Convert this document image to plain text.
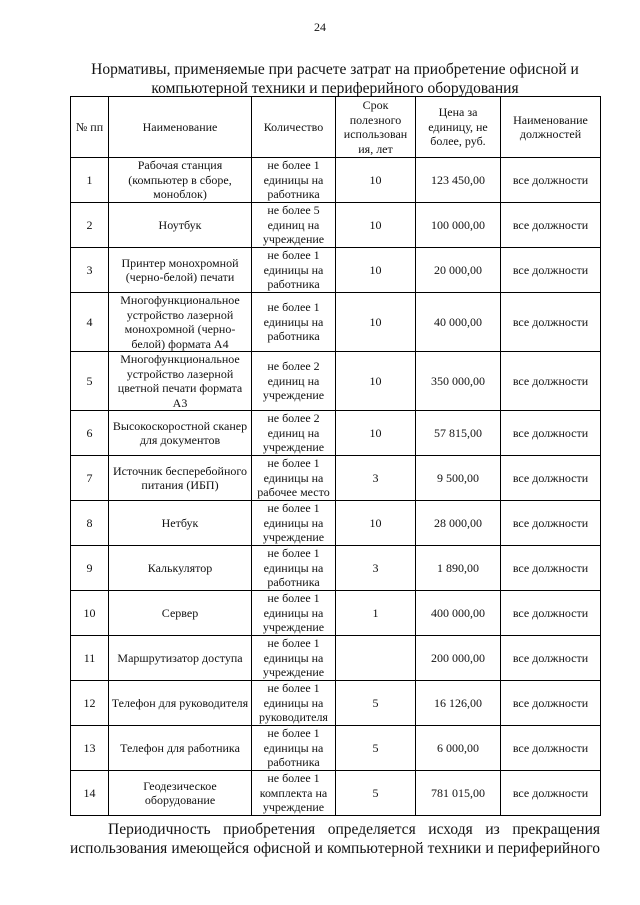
24
Нормативы, применяемые при расчете затрат на приобретение офисной и
компьютерной техники и периферийного оборудования
№ пп	Наименование	Количество	Срок полезного использован ия, лет	Цена за единицу, не более, руб.	Наименование должностей
1	Рабочая станция (компьютер в сборе, моноблок)	не более 1 единицы на работника	10	123 450,00	все должности
2	Ноутбук	не более 5 единиц на учреждение	10	100 000,00	все должности
3	Принтер монохромной (черно-белой) печати	не более 1 единицы на работника	10	20 000,00	все должности
4	Многофункциональное устройство лазерной монохромной (черно-белой) формата А4	не более 1 единицы на работника	10	40 000,00	все должности
5	Многофункциональное устройство лазерной цветной печати формата А3	не более 2 единиц на учреждение	10	350 000,00	все должности
6	Высокоскоростной сканер для документов	не более 2 единиц на учреждение	10	57 815,00	все должности
7	Источник бесперебойного питания (ИБП)	не более 1 единицы на рабочее место	3	9 500,00	все должности
8	Нетбук	не более 1 единицы на учреждение	10	28 000,00	все должности
9	Калькулятор	не более 1 единицы на работника	3	1 890,00	все должности
10	Сервер	не более 1 единицы на учреждение	1	400 000,00	все должности
11	Маршрутизатор доступа	не более 1 единицы на учреждение		200 000,00	все должности
12	Телефон для руководителя	не более 1 единицы на руководителя	5	16 126,00	все должности
13	Телефон для работника	не более 1 единицы на работника	5	6 000,00	все должности
14	Геодезическое оборудование	не более 1 комплекта на учреждение	5	781 015,00	все должности
Периодичность приобретения определяется исходя из прекращения
использования имеющейся офисной и компьютерной техники и периферийного
